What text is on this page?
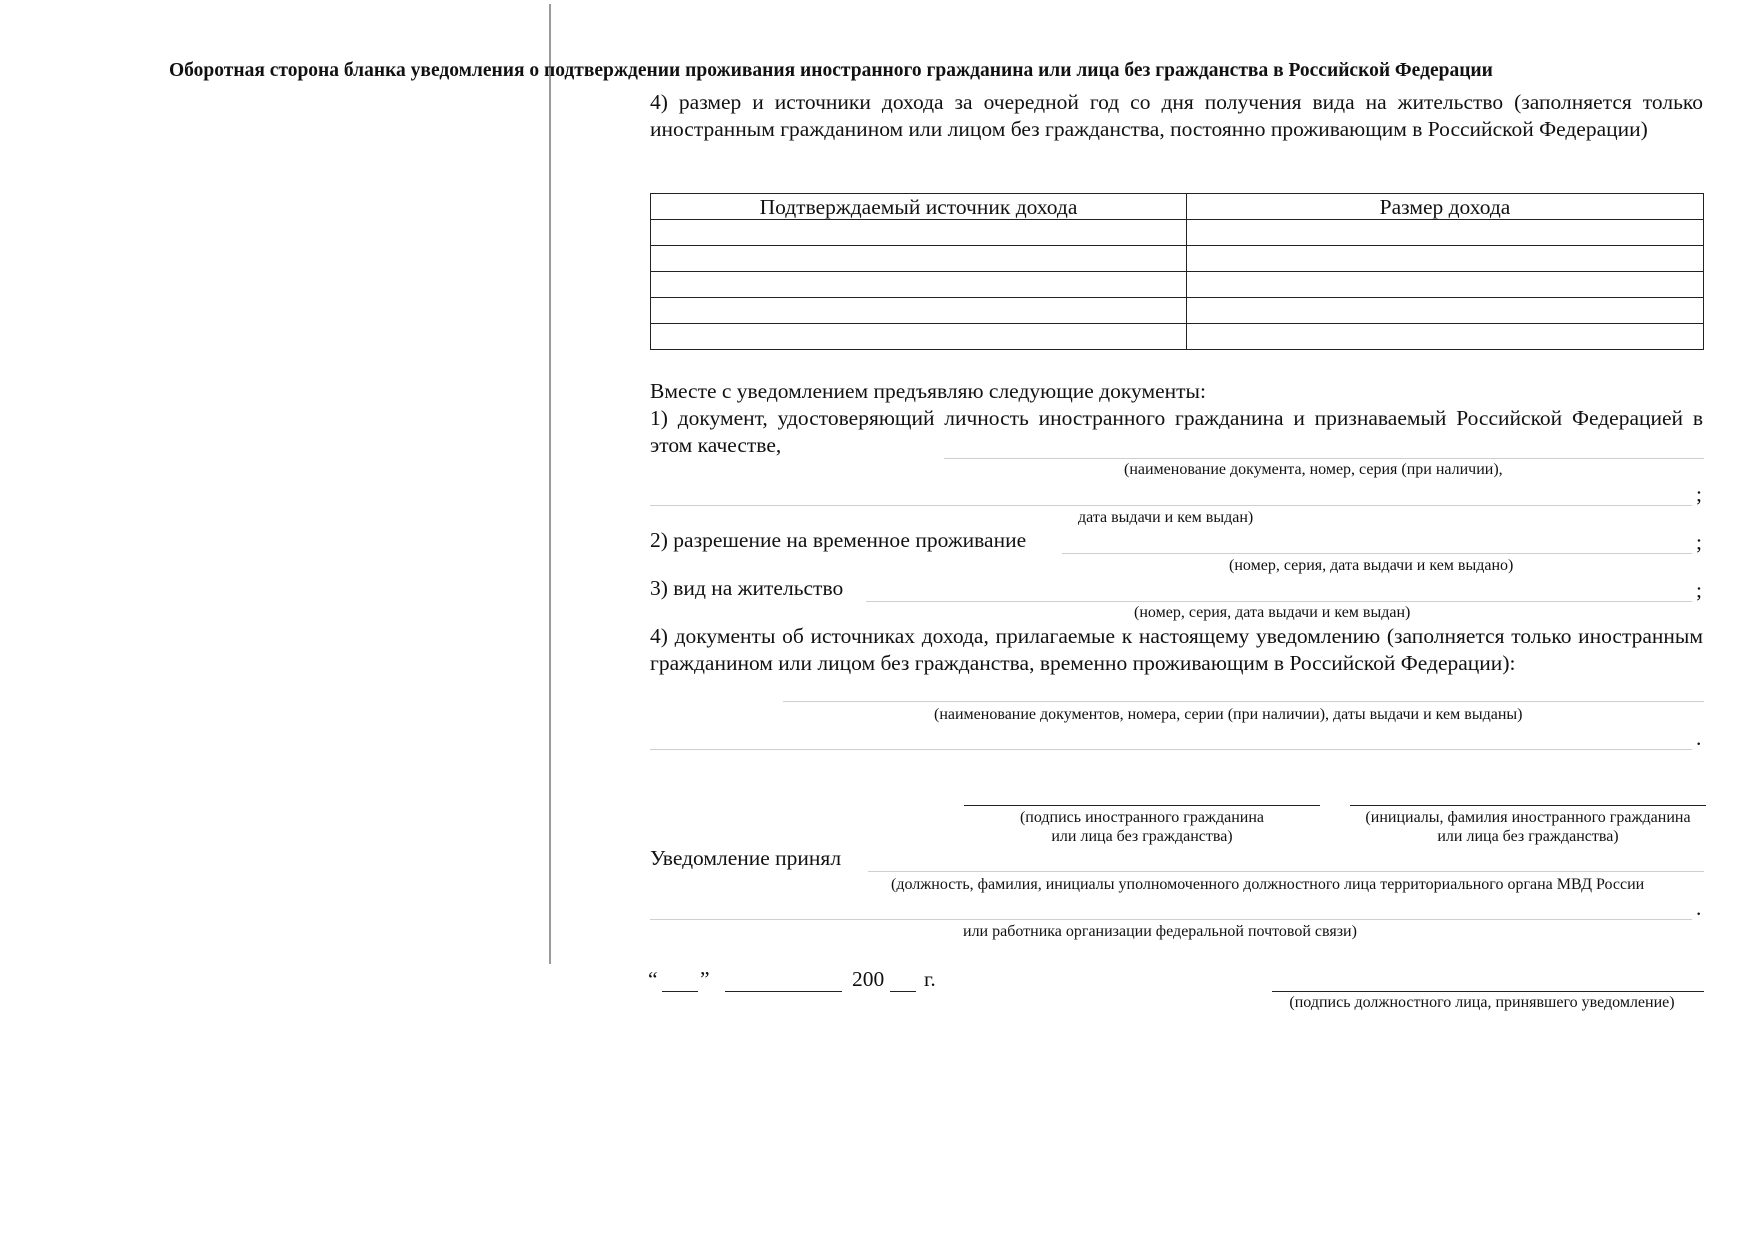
Оборотная сторона бланка уведомления о подтверждении проживания иностранного гражданина или лица без гражданства в Российской Федерации
4) размер и источники дохода за очередной год со дня получения вида на жительство (заполняется только иностранным гражданином или лицом без гражданства, постоянно проживающим в Российской Федерации)
Подтверждаемый источник дохода	Размер дохода

Вместе с уведомлением предъявляю следующие документы:
1) документ, удостоверяющий личность иностранного гражданина и признаваемый Российской Федерацией в этом качестве,
(наименование документа, номер, серия (при наличии),
;
дата выдачи и кем выдан)
2) разрешение на временное проживание	;
(номер, серия, дата выдачи и кем выдано)
3) вид на жительство	;
(номер, серия, дата выдачи и кем выдан)
4) документы об источниках дохода, прилагаемые к настоящему уведомлению (заполняется только иностранным гражданином или лицом без гражданства, временно проживающим в Российской Федерации):
(наименование документов, номера, серии (при наличии), даты выдачи и кем выданы)
.
(подпись иностранного гражданина
или лица без гражданства)
(инициалы, фамилия иностранного гражданина
или лица без гражданства)
Уведомление принял
(должность, фамилия, инициалы уполномоченного должностного лица территориального органа МВД России
.
или работника организации федеральной почтовой связи)
“ ”	200 г.
(подпись должностного лица, принявшего уведомление)
